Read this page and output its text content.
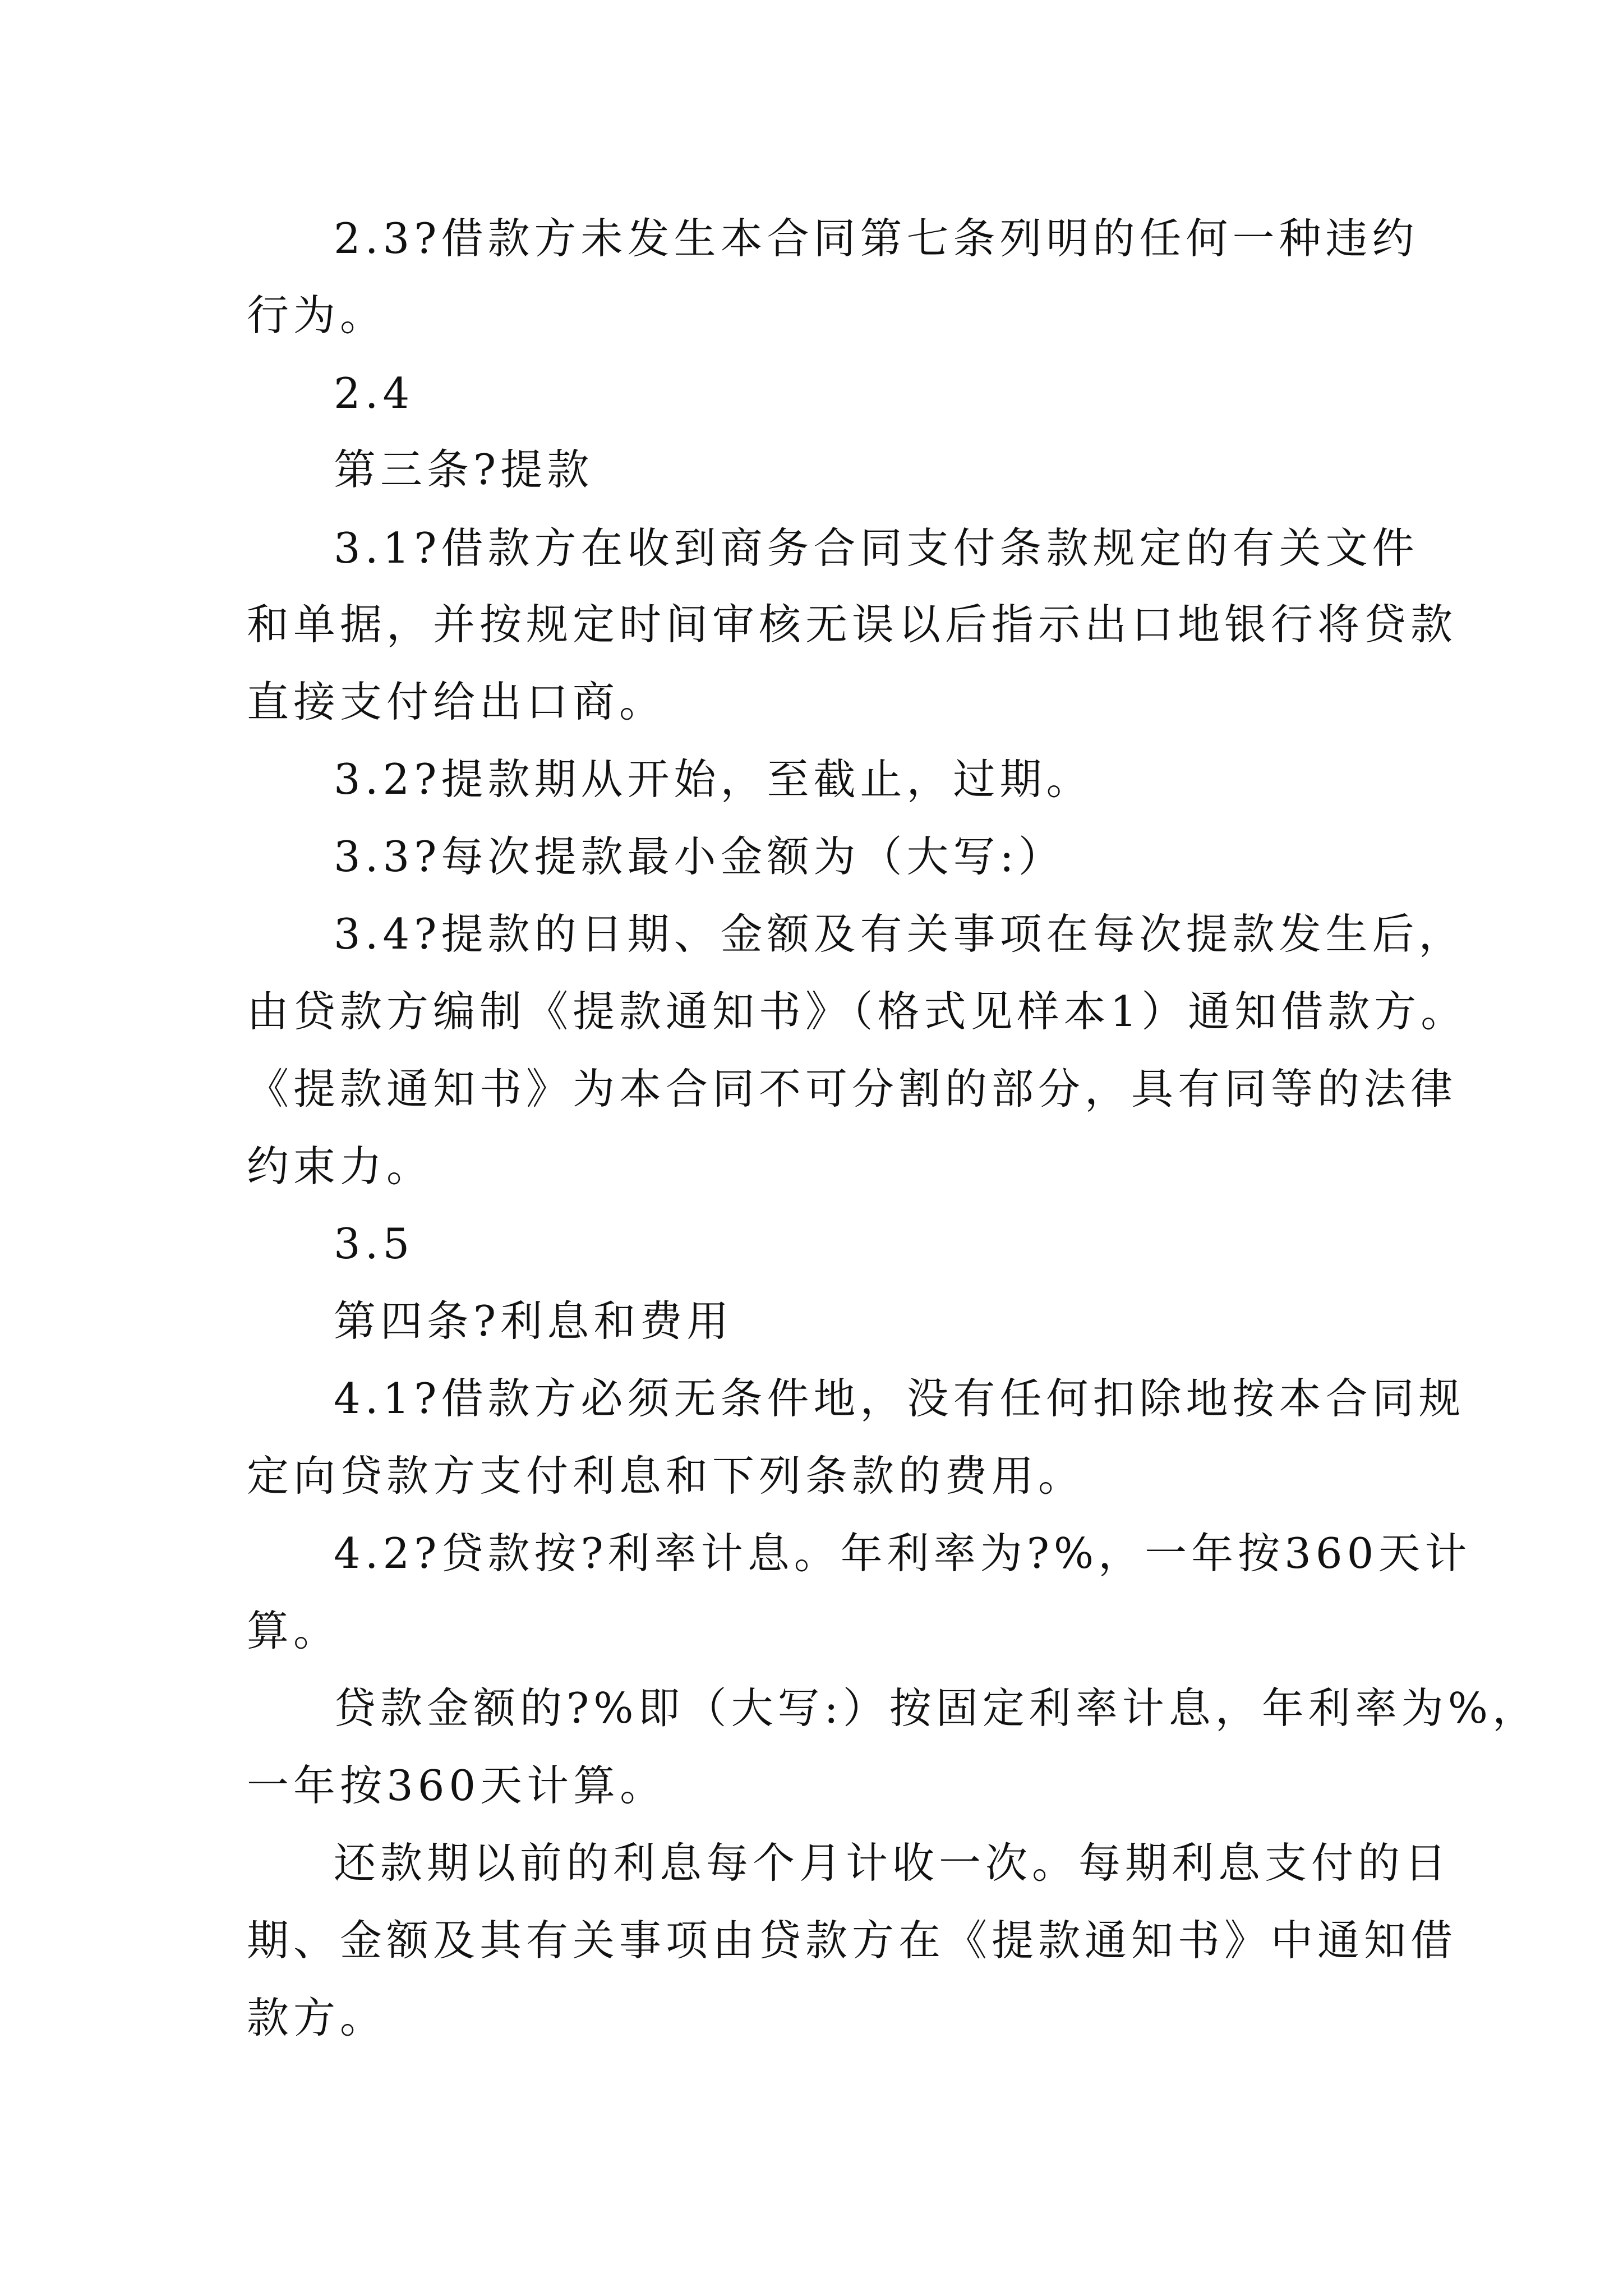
2.3?借款方未发生本合同第七条列明的任何一种违约
行为。
2.4
第三条?提款
3.1?借款方在收到商务合同支付条款规定的有关文件
和单据，并按规定时间审核无误以后指示出口地银行将贷款
直接支付给出口商。
3.2?提款期从开始，至截止，过期。
3.3?每次提款最小金额为（大写:）
3.4?提款的日期、金额及有关事项在每次提款发生后，
由贷款方编制《提款通知书》（格式见样本1）通知借款方。
《提款通知书》为本合同不可分割的部分，具有同等的法律
约束力。
3.5
第四条?利息和费用
4.1?借款方必须无条件地，没有任何扣除地按本合同规
定向贷款方支付利息和下列条款的费用。
4.2?贷款按?利率计息。年利率为?%，一年按360天计
算。
贷款金额的?%即（大写:）按固定利率计息，年利率为%，
一年按360天计算。
还款期以前的利息每个月计收一次。每期利息支付的日
期、金额及其有关事项由贷款方在《提款通知书》中通知借
款方。
